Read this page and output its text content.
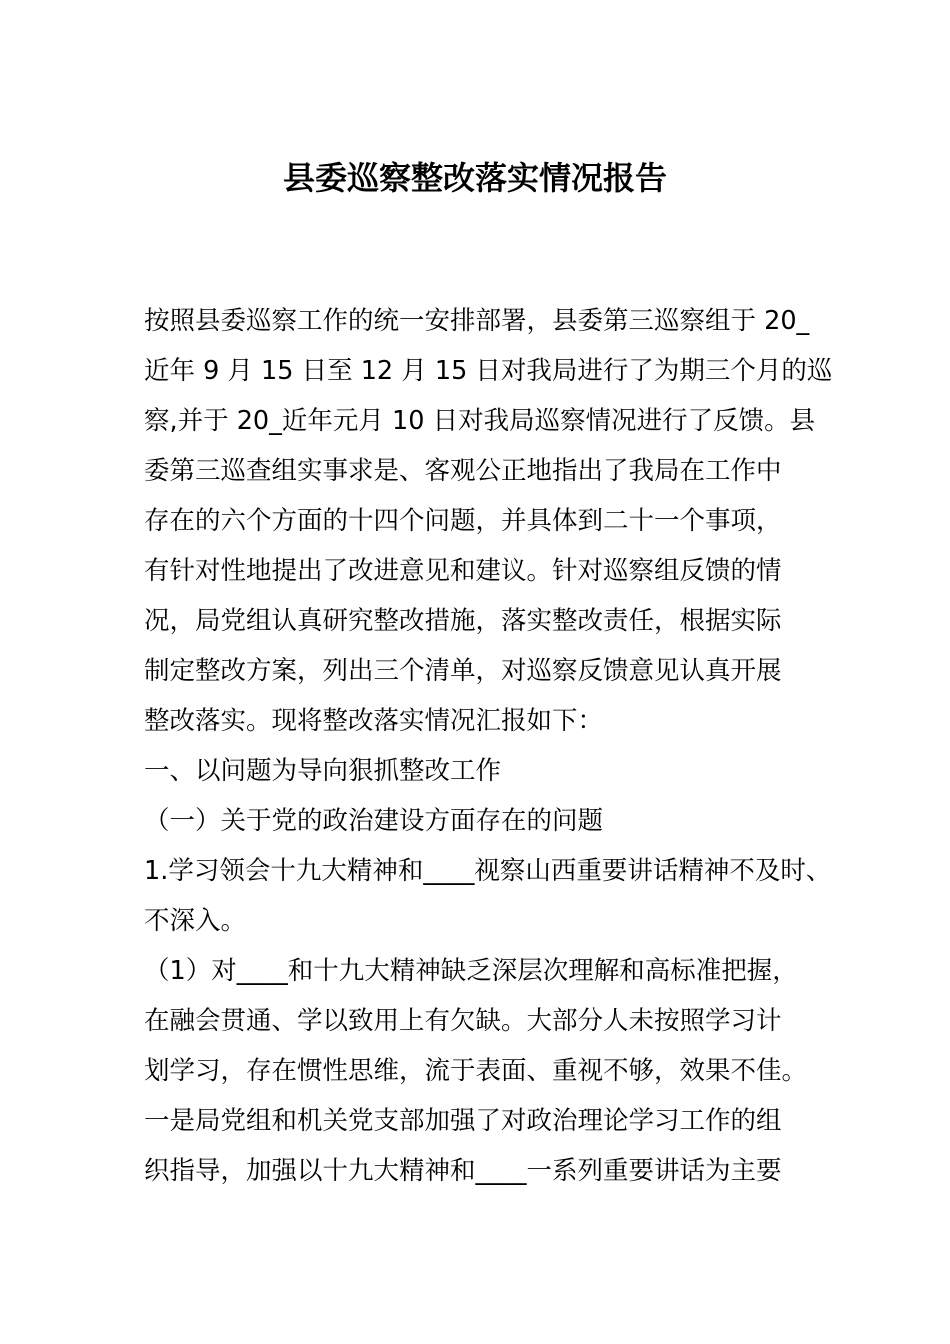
县委巡察整改落实情况报告

按照县委巡察工作的统一安排部署，县委第三巡察组于 20_

近年 9 月 15 日至 12 月 15 日对我局进行了为期三个月的巡

察,并于 20_近年元月 10 日对我局巡察情况进行了反馈。县

委第三巡查组实事求是、客观公正地指出了我局在工作中

存在的六个方面的十四个问题，并具体到二十一个事项，

有针对性地提出了改进意见和建议。针对巡察组反馈的情

况，局党组认真研究整改措施，落实整改责任，根据实际

制定整改方案，列出三个清单，对巡察反馈意见认真开展

整改落实。现将整改落实情况汇报如下：

一、以问题为导向狠抓整改工作

（一）关于党的政治建设方面存在的问题

1.学习领会十九大精神和____视察山西重要讲话精神不及时、

不深入。

（1）对____和十九大精神缺乏深层次理解和高标准把握，

在融会贯通、学以致用上有欠缺。大部分人未按照学习计

划学习，存在惯性思维，流于表面、重视不够，效果不佳。

一是局党组和机关党支部加强了对政治理论学习工作的组

织指导，加强以十九大精神和____一系列重要讲话为主要
